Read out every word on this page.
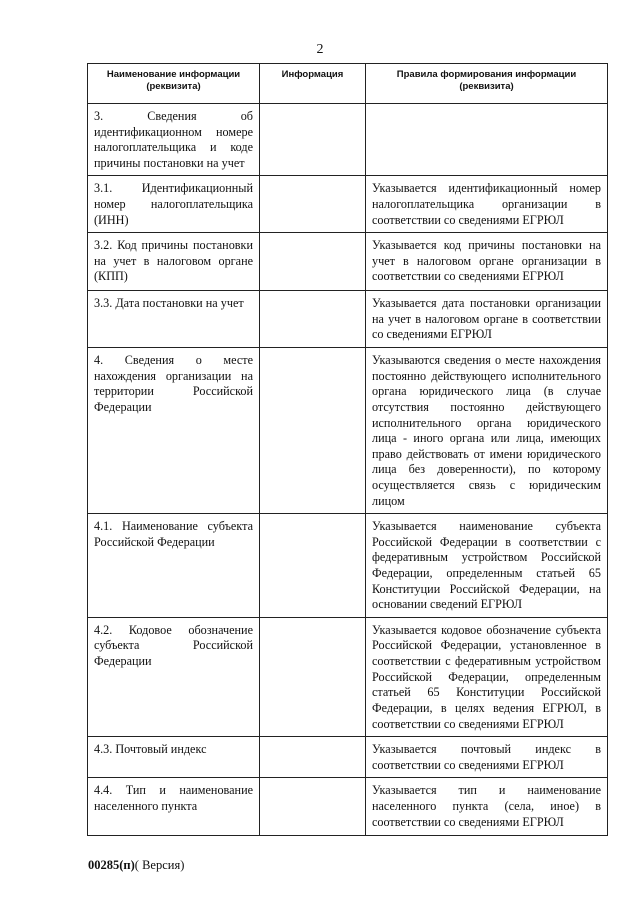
2
Наименование информации (реквизита)	Информация	Правила формирования информации (реквизита)
3. Сведения об идентификационном номере налогоплательщика и коде причины постановки на учет		
3.1. Идентификационный номер налогоплательщика (ИНН)		Указывается идентификационный номер налогоплательщика организации в соответствии со сведениями ЕГРЮЛ
3.2. Код причины постановки на учет в налоговом органе (КПП)		Указывается код причины постановки на учет в налоговом органе организации в соответствии со сведениями ЕГРЮЛ
3.3. Дата постановки на учет		Указывается дата постановки организации на учет в налоговом органе в соответствии со сведениями ЕГРЮЛ
4. Сведения о месте нахождения организации на территории Российской Федерации		Указываются сведения о месте нахождения постоянно действующего исполнительного органа юридического лица (в случае отсутствия постоянно действующего исполнительного органа юридического лица - иного органа или лица, имеющих право действовать от имени юридического лица без доверенности), по которому осуществляется связь с юридическим лицом
4.1. Наименование субъекта Российской Федерации		Указывается наименование субъекта Российской Федерации в соответствии с федеративным устройством Российской Федерации, определенным статьей 65 Конституции Российской Федерации, на основании сведений ЕГРЮЛ
4.2. Кодовое обозначение субъекта Российской Федерации		Указывается кодовое обозначение субъекта Российской Федерации, установленное в соответствии с федеративным устройством Российской Федерации, определенным статьей 65 Конституции Российской Федерации, в целях ведения ЕГРЮЛ, в соответствии со сведениями ЕГРЮЛ
4.3. Почтовый индекс		Указывается почтовый индекс в соответствии со сведениями ЕГРЮЛ
4.4. Тип и наименование населенного пункта		Указывается тип и наименование населенного пункта (села, иное) в соответствии со сведениями ЕГРЮЛ
00285(п)( Версия)
